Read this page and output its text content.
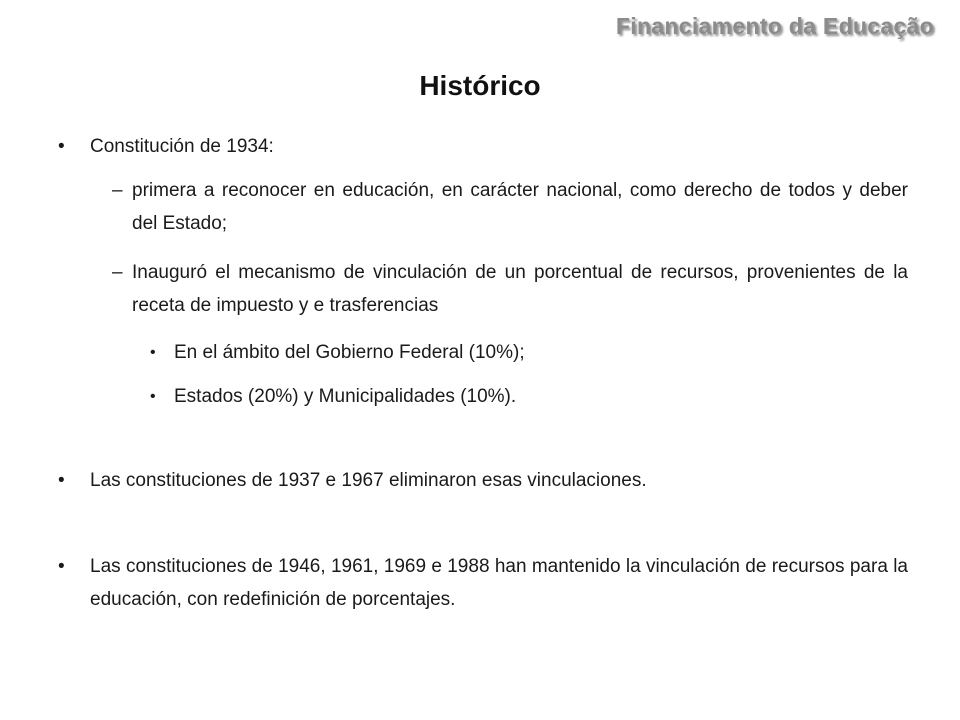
Financiamento da Educação
Histórico
• Constitución de 1934:
– primera a reconocer en educación, en carácter nacional, como derecho de todos y deber del Estado;
– Inauguró el mecanismo de vinculación de un porcentual de recursos, provenientes de la receta de impuesto y e trasferencias
• En el ámbito del Gobierno Federal (10%);
• Estados (20%) y Municipalidades (10%).
• Las constituciones de 1937 e 1967 eliminaron esas vinculaciones.
• Las constituciones de 1946, 1961, 1969 e 1988 han mantenido la vinculación de recursos para la educación, con redefinición de porcentajes.
